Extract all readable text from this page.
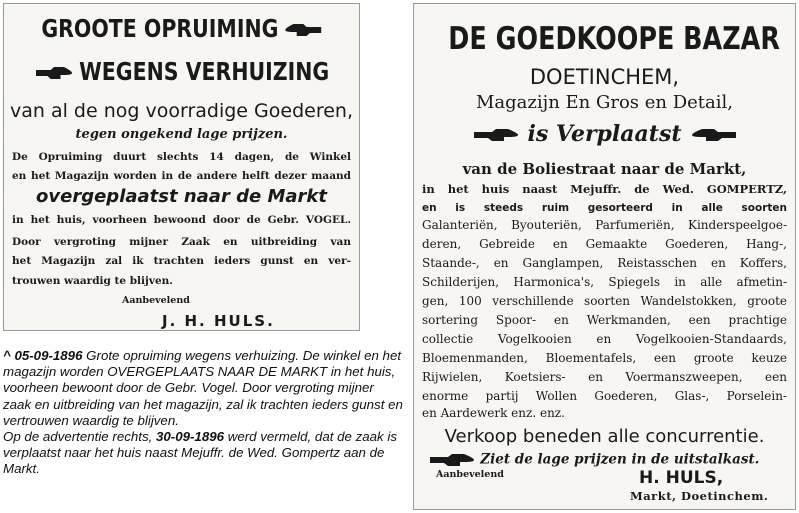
GROOTE OPRUIMING
WEGENS VERHUIZING
van al de nog voorradige Goederen,
tegen ongekend lage prijzen.
De Opruiming duurt slechts 14 dagen, de Winkel
en het Magazijn worden in de andere helft dezer maand
overgeplaatst naar de Markt
in het huis, voorheen bewoond door de Gebr. VOGEL.
Door vergroting mijner Zaak en uitbreiding van
het Magazijn zal ik trachten ieders gunst en ver-
trouwen waardig te blijven.
Aanbevelend
J. H. HULS.
DE GOEDKOOPE BAZAR
DOETINCHEM,
Magazijn En Gros en Detail,
is Verplaatst
van de Boliestraat naar de Markt,
in het huis naast Mejuffr. de Wed. GOMPERTZ,
en is steeds ruim gesorteerd in alle soorten
Galanteriën, Byouteriën, Parfumeriën, Kinderspeelgoe-
deren, Gebreide en Gemaakte Goederen, Hang-,
Staande-, en Ganglampen, Reistasschen en Koffers,
Schilderijen, Harmonica's, Spiegels in alle afmetin-
gen, 100 verschillende soorten Wandelstokken, groote
sortering Spoor- en Werkmanden, een prachtige
collectie Vogelkooien en Vogelkooien-Standaards,
Bloemenmanden, Bloementafels, een groote keuze
Rijwielen, Koetsiers- en Voermanszweepen, een
enorme partij Wollen Goederen, Glas-, Porselein-
en Aardewerk enz. enz.
Verkoop beneden alle concurrentie.
Ziet de lage prijzen in de uitstalkast.
Aanbevelend	H. HULS,
Markt, Doetinchem.

^ 05-09-1896 Grote opruiming wegens verhuizing. De winkel en het magazijn worden OVERGEPLAATS NAAR DE MARKT in het huis, voorheen bewoont door de Gebr. Vogel. Door vergroting mijner zaak en uitbreiding van het magazijn, zal ik trachten ieders gunst en vertrouwen waardig te blijven.

Op de advertentie rechts, 30-09-1896 werd vermeld, dat de zaak is verplaatst naar het huis naast Mejuffr. de Wed. Gompertz aan de Markt.
